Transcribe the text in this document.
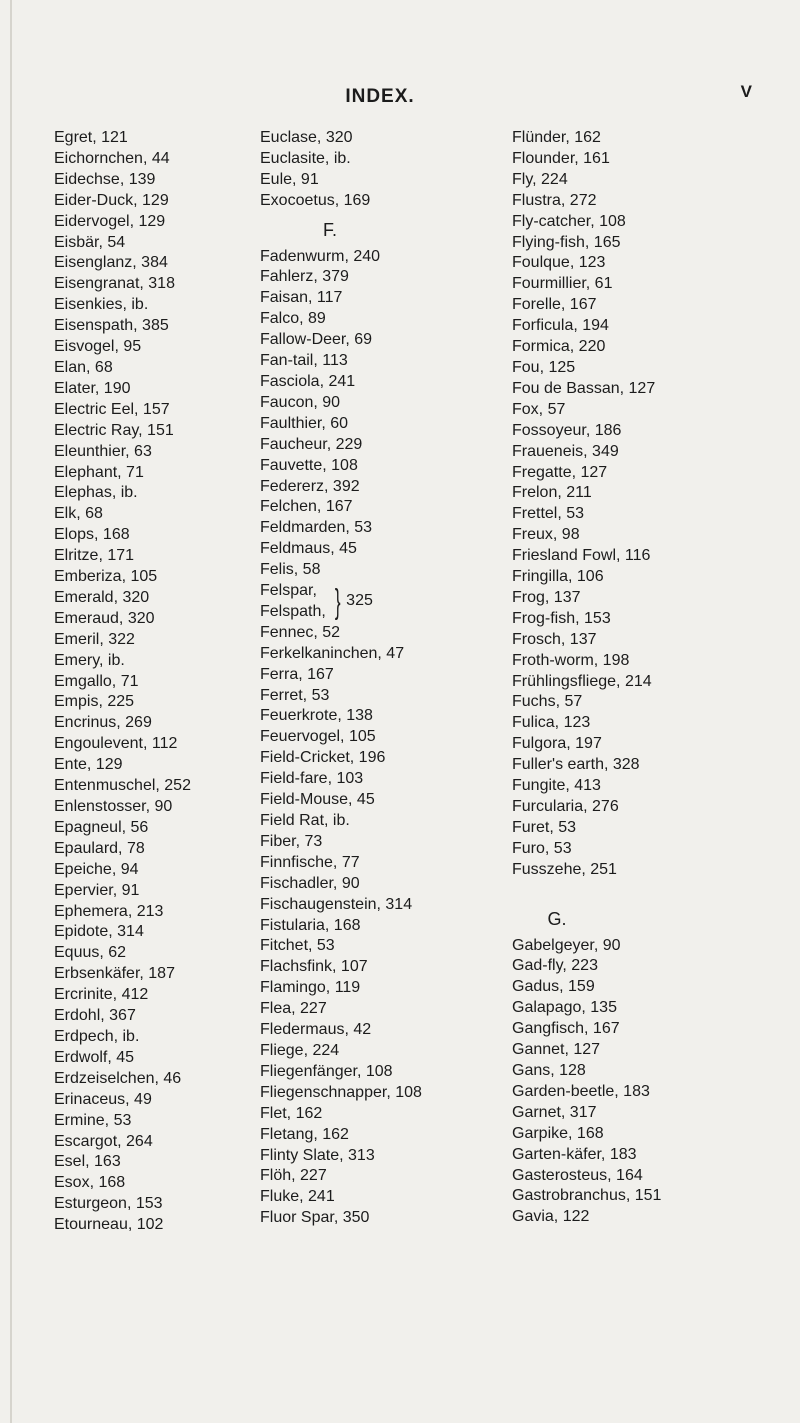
INDEX.	V
Egret, 121
Eichornchen, 44
Eidechse, 139
Eider-Duck, 129
Eidervogel, 129
Eisbär, 54
Eisenglanz, 384
Eisengranat, 318
Eisenkies, ib.
Eisenspath, 385
Eisvogel, 95
Elan, 68
Elater, 190
Electric Eel, 157
Electric Ray, 151
Eleunthier, 63
Elephant, 71
Elephas, ib.
Elk, 68
Elops, 168
Elritze, 171
Emberiza, 105
Emerald, 320
Emeraud, 320
Emeril, 322
Emery, ib.
Emgallo, 71
Empis, 225
Encrinus, 269
Engoulevent, 112
Ente, 129
Entenmuschel, 252
Enlenstosser, 90
Epagneul, 56
Epaulard, 78
Epeiche, 94
Epervier, 91
Ephemera, 213
Epidote, 314
Equus, 62
Erbsenkäfer, 187
Ercrinite, 412
Erdohl, 367
Erdpech, ib.
Erdwolf, 45
Erdzeiselchen, 46
Erinaceus, 49
Ermine, 53
Escargot, 264
Esel, 163
Esox, 168
Esturgeon, 153
Etourneau, 102
Euclase, 320
Euclasite, ib.
Eule, 91
Exocoetus, 169
F.
Fadenwurm, 240
Fahlerz, 379
Faisan, 117
Falco, 89
Fallow-Deer, 69
Fan-tail, 113
Fasciola, 241
Faucon, 90
Faulthier, 60
Faucheur, 229
Fauvette, 108
Federerz, 392
Felchen, 167
Feldmarden, 53
Feldmaus, 45
Felis, 58
Felspar,
Felspath, } 325
Fennec, 52
Ferkelkaninchen, 47
Ferra, 167
Ferret, 53
Feuerkrote, 138
Feuervogel, 105
Field-Cricket, 196
Field-fare, 103
Field-Mouse, 45
Field Rat, ib.
Fiber, 73
Finnfische, 77
Fischadler, 90
Fischaugenstein, 314
Fistularia, 168
Fitchet, 53
Flachsfink, 107
Flamingo, 119
Flea, 227
Fledermaus, 42
Fliege, 224
Fliegenfänger, 108
Fliegenschnapper, 108
Flet, 162
Fletang, 162
Flinty Slate, 313
Flöh, 227
Fluke, 241
Fluor Spar, 350
Flünder, 162
Flounder, 161
Fly, 224
Flustra, 272
Fly-catcher, 108
Flying-fish, 165
Foulque, 123
Fourmillier, 61
Forelle, 167
Forficula, 194
Formica, 220
Fou, 125
Fou de Bassan, 127
Fox, 57
Fossoyeur, 186
Fraueneis, 349
Fregatte, 127
Frelon, 211
Frettel, 53
Freux, 98
Friesland Fowl, 116
Fringilla, 106
Frog, 137
Frog-fish, 153
Frosch, 137
Froth-worm, 198
Frühlingsfliege, 214
Fuchs, 57
Fulica, 123
Fulgora, 197
Fuller's earth, 328
Fungite, 413
Furcularia, 276
Furet, 53
Furo, 53
Fusszehe, 251
G.
Gabelgeyer, 90
Gad-fly, 223
Gadus, 159
Galapago, 135
Gangfisch, 167
Gannet, 127
Gans, 128
Garden-beetle, 183
Garnet, 317
Garpike, 168
Garten-käfer, 183
Gasterosteus, 164
Gastrobranchus, 151
Gavia, 122
